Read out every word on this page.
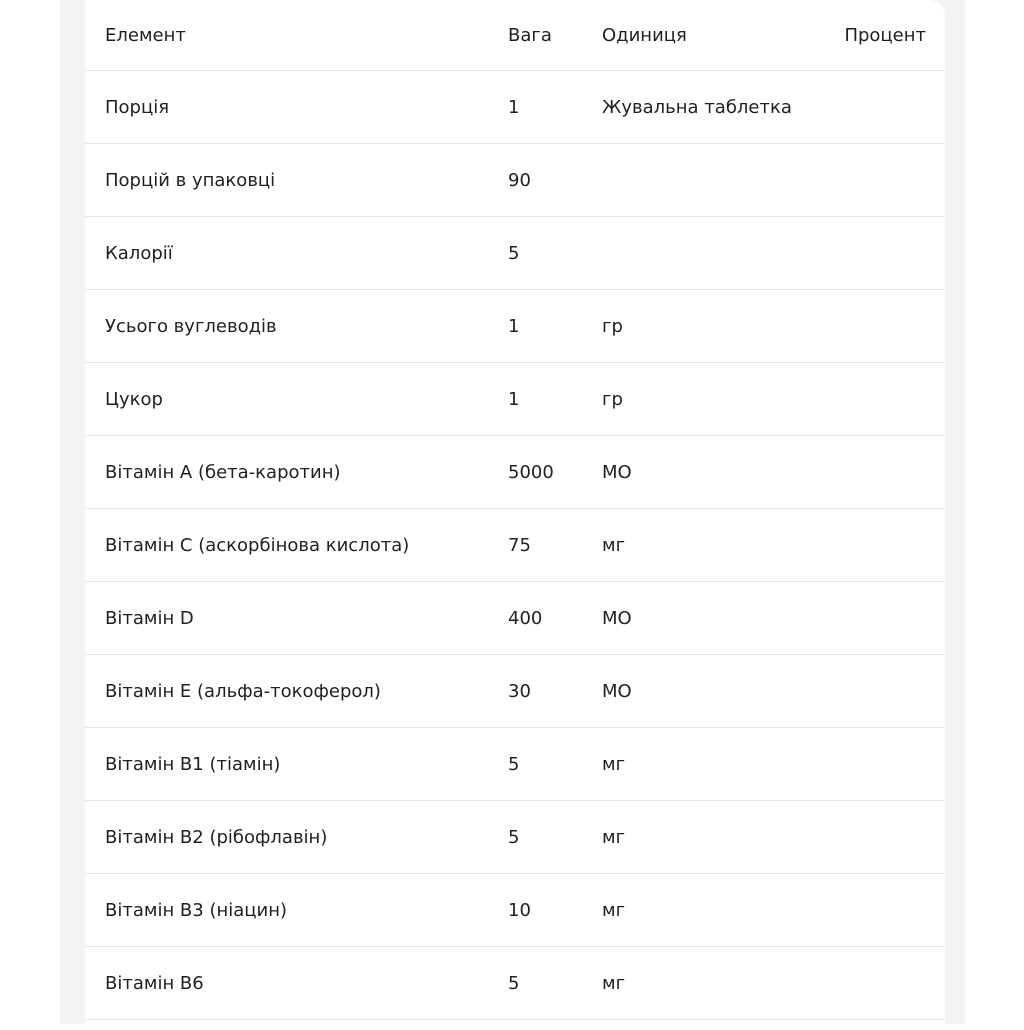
Елемент	Вага	Одиниця	Процент
Порція	1	Жувальна таблетка
Порцій в упаковці	90
Калорії	5
Усього вуглеводів	1	гр
Цукор	1	гр
Вітамін A (бета-каротин)	5000	МО
Вітамін C (аскорбінова кислота)	75	мг
Вітамін D	400	МО
Вітамін E (альфа-токоферол)	30	МО
Вітамін B1 (тіамін)	5	мг
Вітамін B2 (рібофлавін)	5	мг
Вітамін B3 (ніацин)	10	мг
Вітамін B6	5	мг
